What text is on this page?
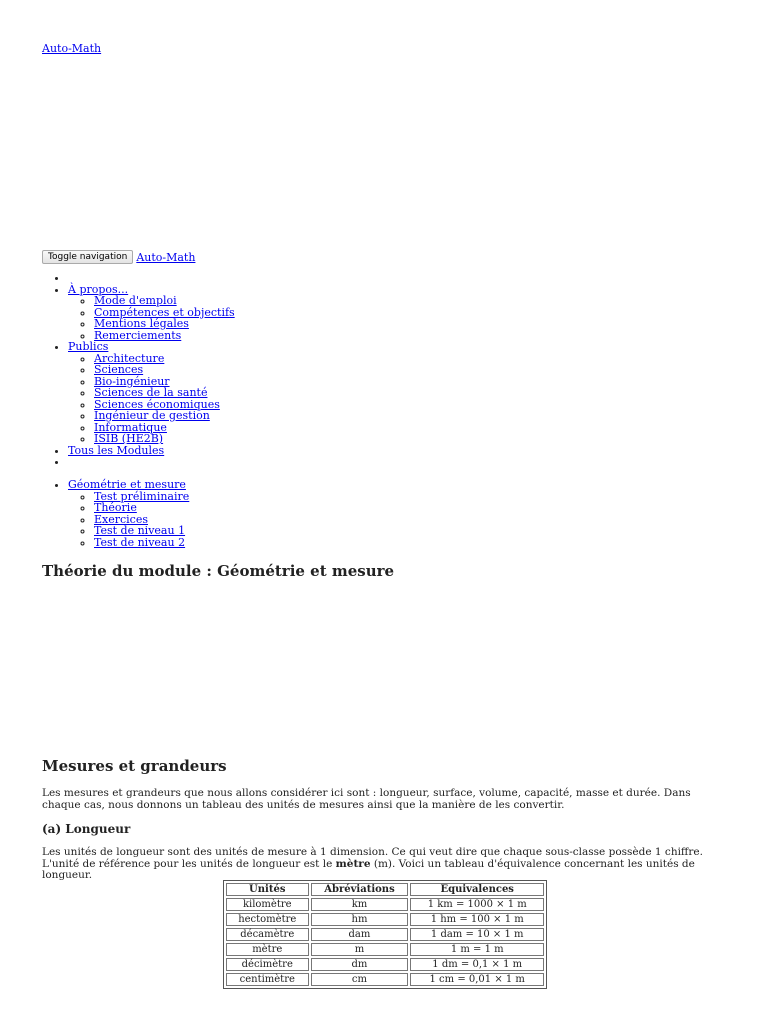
Auto-Math
Toggle navigation Auto-Math
•
• À propos...
◦ Mode d'emploi
◦ Compétences et objectifs
◦ Mentions légales
◦ Remerciements
• Publics
◦ Architecture
◦ Sciences
◦ Bio-ingénieur
◦ Sciences de la santé
◦ Sciences économiques
◦ Ingénieur de gestion
◦ Informatique
◦ ISIB (HE2B)
• Tous les Modules
•
• Géométrie et mesure
◦ Test préliminaire
◦ Théorie
◦ Exercices
◦ Test de niveau 1
◦ Test de niveau 2
Théorie du module : Géométrie et mesure
Mesures et grandeurs

Les mesures et grandeurs que nous allons considérer ici sont : longueur, surface, volume, capacité, masse et durée. Dans chaque cas, nous donnons un tableau des unités de mesures ainsi que la manière de les convertir.

(a) Longueur

Les unités de longueur sont des unités de mesure à 1 dimension. Ce qui veut dire que chaque sous-classe possède 1 chiffre. L'unité de référence pour les unités de longueur est le mètre (m). Voici un tableau d'équivalence concernant les unités de longueur.

Unités	Abréviations	Equivalences
kilomètre	km	1 km = 1000 × 1 m
hectomètre	hm	1 hm = 100 × 1 m
décamètre	dam	1 dam = 10 × 1 m
mètre	m	1 m = 1 m
décimètre	dm	1 dm = 0,1 × 1 m
centimètre	cm	1 cm = 0,01 × 1 m
